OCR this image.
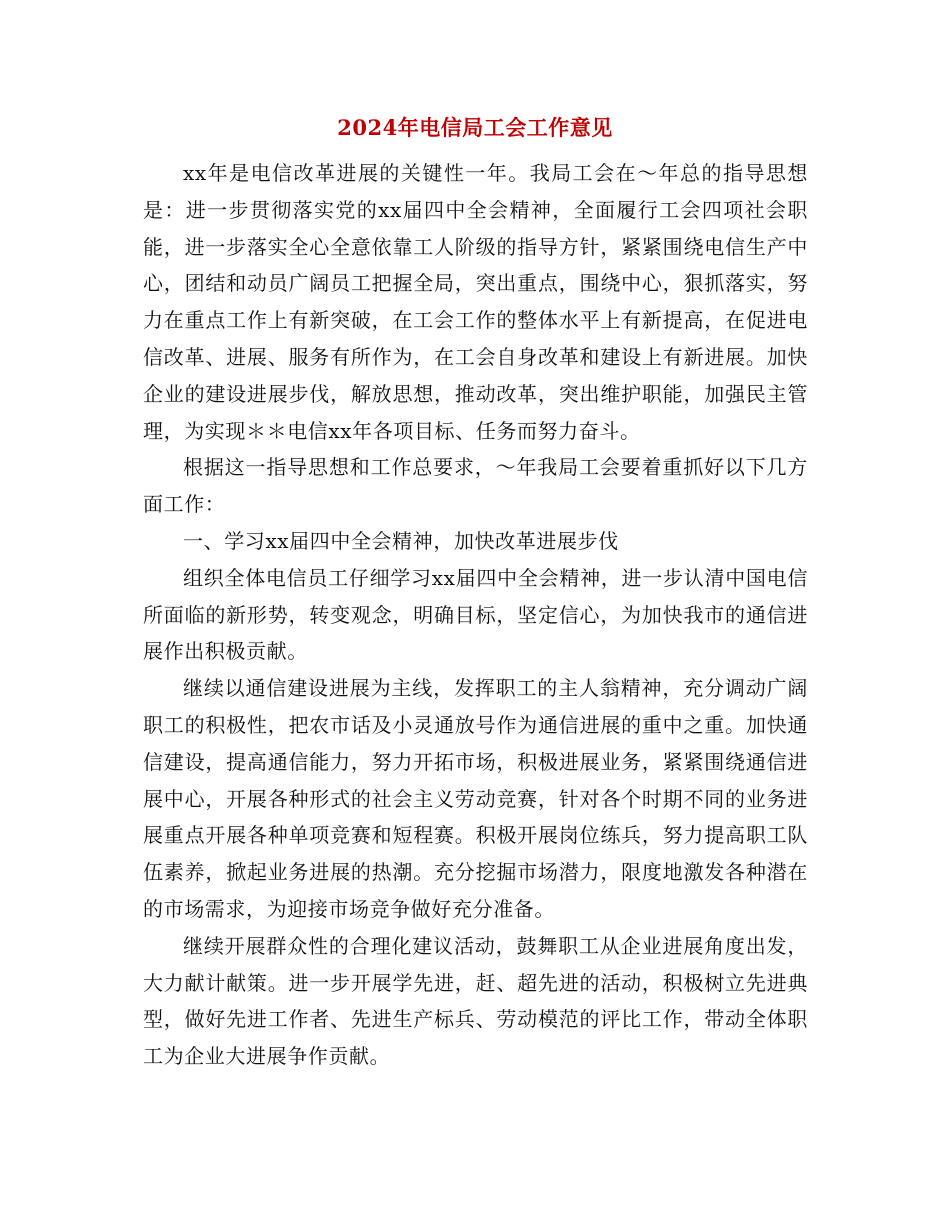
2024年电信局工会工作意见

xx年是电信改革进展的关键性一年。我局工会在～年总的指导思想是：进一步贯彻落实党的xx届四中全会精神，全面履行工会四项社会职能，进一步落实全心全意依靠工人阶级的指导方针，紧紧围绕电信生产中心，团结和动员广阔员工把握全局，突出重点，围绕中心，狠抓落实，努力在重点工作上有新突破，在工会工作的整体水平上有新提高，在促进电信改革、进展、服务有所作为，在工会自身改革和建设上有新进展。加快企业的建设进展步伐，解放思想，推动改革，突出维护职能，加强民主管理，为实现＊＊电信xx年各项目标、任务而努力奋斗。

根据这一指导思想和工作总要求，～年我局工会要着重抓好以下几方面工作：

一、学习xx届四中全会精神，加快改革进展步伐

组织全体电信员工仔细学习xx届四中全会精神，进一步认清中国电信所面临的新形势，转变观念，明确目标，坚定信心，为加快我市的通信进展作出积极贡献。

继续以通信建设进展为主线，发挥职工的主人翁精神，充分调动广阔职工的积极性，把农市话及小灵通放号作为通信进展的重中之重。加快通信建设，提高通信能力，努力开拓市场，积极进展业务，紧紧围绕通信进展中心，开展各种形式的社会主义劳动竞赛，针对各个时期不同的业务进展重点开展各种单项竞赛和短程赛。积极开展岗位练兵，努力提高职工队伍素养，掀起业务进展的热潮。充分挖掘市场潜力，限度地激发各种潜在的市场需求，为迎接市场竞争做好充分准备。

继续开展群众性的合理化建议活动，鼓舞职工从企业进展角度出发，大力献计献策。进一步开展学先进，赶、超先进的活动，积极树立先进典型，做好先进工作者、先进生产标兵、劳动模范的评比工作，带动全体职工为企业大进展争作贡献。
